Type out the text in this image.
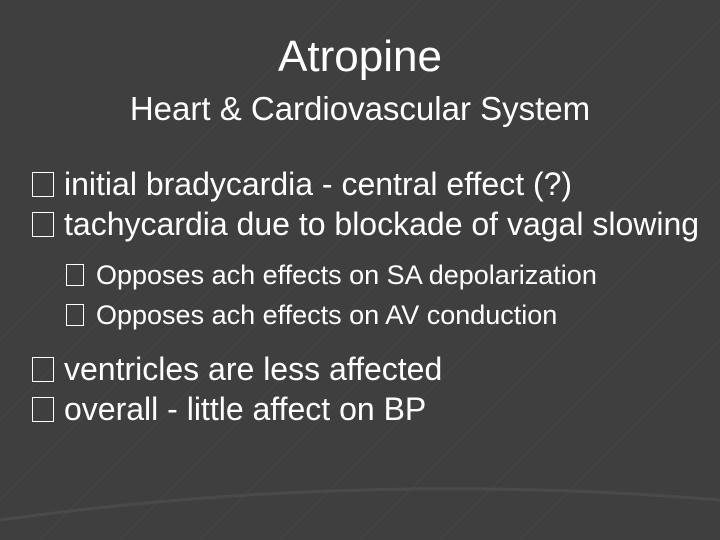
Atropine
Heart & Cardiovascular System
initial bradycardia - central effect (?)
tachycardia due to blockade of vagal slowing
Opposes ach effects on SA depolarization
Opposes ach effects on AV conduction
ventricles are less affected
overall - little affect on BP
